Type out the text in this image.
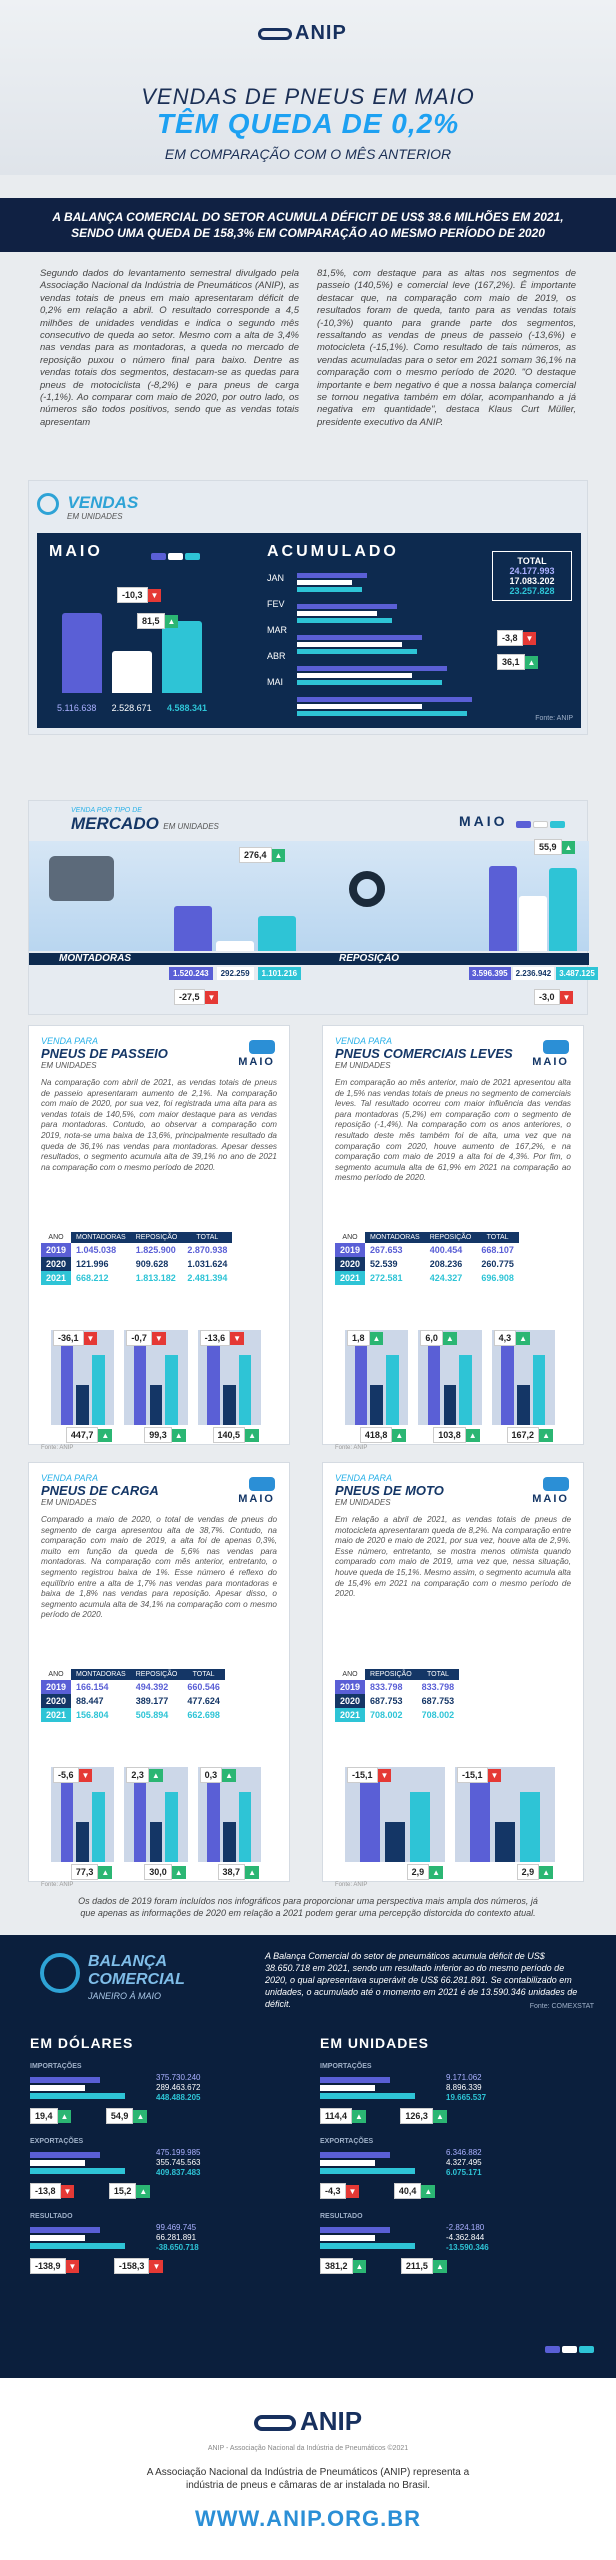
ANIP
VENDAS DE PNEUS EM MAIO
TÊM QUEDA DE 0,2%
EM COMPARAÇÃO COM O MÊS ANTERIOR
A BALANÇA COMERCIAL DO SETOR ACUMULA DÉFICIT DE US$ 38.6 MILHÕES EM 2021, SENDO UMA QUEDA DE 158,3% EM COMPARAÇÃO AO MESMO PERÍODO DE 2020
Segundo dados do levantamento semestral divulgado pela Associação Nacional da Indústria de Pneumáticos (ANIP), as vendas totais de pneus em maio apresentaram déficit de 0,2% em relação a abril. O resultado corresponde a 4,5 milhões de unidades vendidas e indica o segundo mês consecutivo de queda ao setor. Mesmo com a alta de 3,4% nas vendas para as montadoras, a queda no mercado de reposição puxou o número final para baixo. Dentre as vendas totais dos segmentos, destacam-se as quedas para pneus de motociclista (-8,2%) e para pneus de carga (-1,1%). Ao comparar com maio de 2020, por outro lado, os números são todos positivos, sendo que as vendas totais apresentam
81,5%, com destaque para as altas nos segmentos de passeio (140,5%) e comercial leve (167,2%). É importante destacar que, na comparação com maio de 2019, os resultados foram de queda, tanto para as vendas totais (-10,3%) quanto para grande parte dos segmentos, ressaltando as vendas de pneus de passeio (-13,6%) e motocicleta (-15,1%). Como resultado de tais números, as vendas acumuladas para o setor em 2021 somam 36,1% na comparação com o mesmo período de 2020. "O destaque importante e bem negativo é que a nossa balança comercial se tornou negativa também em dólar, acompanhando a já negativa em quantidade", destaca Klaus Curt Müller, presidente executivo da ANIP.
VENDAS
EM UNIDADES
MAIO
-10,3 ▼
81,5 ▲
5.116.638 2.528.671 4.588.341
ACUMULADO
JAN
FEV
MAR
ABR
MAI
TOTAL
24.177.993
17.083.202
23.257.828
-3,8 ▼
36,1 ▲
Fonte: ANIP
VENDA POR TIPO DE
MERCADO EM UNIDADES	MAIO
276,4 ▲
55,9 ▲
MONTADORAS	REPOSIÇÃO
1.520.243	292.259	1.101.216	3.596.395	2.236.942	3.487.125
-27,5 ▼	-3,0 ▼
VENDA PARA
PNEUS DE PASSEIO
EM UNIDADES	MAIO
Na comparação com abril de 2021, as vendas totais de pneus de passeio apresentaram aumento de 2,1%. Na comparação com maio de 2020, por sua vez, foi registrada uma alta para as vendas totais de 140,5%, com maior destaque para as vendas para montadoras. Contudo, ao observar a comparação com 2019, nota-se uma baixa de 13,6%, principalmente resultado da queda de 36,1% nas vendas para montadoras. Apesar desses resultados, o segmento acumula alta de 39,1% no ano de 2021 na comparação com o mesmo período de 2020.
ANO	MONTADORAS	REPOSIÇÃO	TOTAL
2019	1.045.038	1.825.900	2.870.938
2020	121.996	909.628	1.031.624
2021	668.212	1.813.182	2.481.394
-36,1 ▼
447,7 ▲
-0,7 ▼
99,3 ▲
-13,6 ▼
140,5 ▲
Fonte: ANIP
VENDA PARA
PNEUS COMERCIAIS LEVES
EM UNIDADES	MAIO
Em comparação ao mês anterior, maio de 2021 apresentou alta de 1,5% nas vendas totais de pneus no segmento de comerciais leves. Tal resultado ocorreu com maior influência das vendas para montadoras (5,2%) em comparação com o segmento de reposição (-1,4%). Na comparação com os anos anteriores, o resultado deste mês também foi de alta, uma vez que na comparação com 2020, houve aumento de 167,2%, e na comparação com maio de 2019 a alta foi de 4,3%. Por fim, o segmento acumula alta de 61,9% em 2021 na comparação ao mesmo período de 2020.
ANO	MONTADORAS	REPOSIÇÃO	TOTAL
2019	267.653	400.454	668.107
2020	52.539	208.236	260.775
2021	272.581	424.327	696.908
1,8 ▲
418,8 ▲
6,0 ▲
103,8 ▲
4,3 ▲
167,2 ▲
Fonte: ANIP
VENDA PARA
PNEUS DE CARGA
EM UNIDADES	MAIO
Comparado a maio de 2020, o total de vendas de pneus do segmento de carga apresentou alta de 38,7%. Contudo, na comparação com maio de 2019, a alta foi de apenas 0,3%, muito em função da queda de 5,6% nas vendas para montadoras. Na comparação com mês anterior, entretanto, o segmento registrou baixa de 1%. Esse número é reflexo do equilíbrio entre a alta de 1,7% nas vendas para montadoras e baixa de 1,8% nas vendas para reposição. Apesar disso, o segmento acumula alta de 34,1% na comparação com o mesmo período de 2020.
ANO	MONTADORAS	REPOSIÇÃO	TOTAL
2019	166.154	494.392	660.546
2020	88.447	389.177	477.624
2021	156.804	505.894	662.698
-5,6 ▼
77,3 ▲
2,3 ▲
30,0 ▲
0,3 ▲
38,7 ▲
Fonte: ANIP
VENDA PARA
PNEUS DE MOTO
EM UNIDADES	MAIO
Em relação a abril de 2021, as vendas totais de pneus de motocicleta apresentaram queda de 8,2%. Na comparação entre maio de 2020 e maio de 2021, por sua vez, houve alta de 2,9%. Esse número, entretanto, se mostra menos otimista quando comparado com maio de 2019, uma vez que, nessa situação, houve queda de 15,1%. Mesmo assim, o segmento acumula alta de 15,4% em 2021 na comparação com o mesmo período de 2020.
ANO	REPOSIÇÃO	TOTAL
2019	833.798	833.798
2020	687.753	687.753
2021	708.002	708.002
-15,1 ▼
2,9 ▲
-15,1 ▼
2,9 ▲
Fonte: ANIP
Os dados de 2019 foram incluídos nos infográficos para proporcionar uma perspectiva mais ampla dos números, já que apenas as informações de 2020 em relação a 2021 podem gerar uma percepção distorcida do contexto atual.
BALANÇA COMERCIAL
JANEIRO À MAIO
A Balança Comercial do setor de pneumáticos acumula déficit de US$ 38.650.718 em 2021, sendo um resultado inferior ao do mesmo período de 2020, o qual apresentava superávit de US$ 66.281.891. Se contabilizado em unidades, o acumulado até o momento em 2021 é de 13.590.346 unidades de déficit.	Fonte: COMEXSTAT
EM DÓLARES
IMPORTAÇÕES
375.730.240
289.463.672
448.488.205
19,4 ▲	54,9 ▲
EXPORTAÇÕES
475.199.985
355.745.563
409.837.483
-13,8 ▼	15,2 ▲
RESULTADO
99.469.745
66.281.891
-38.650.718
-138,9 ▼	-158,3 ▼
EM UNIDADES
IMPORTAÇÕES
9.171.062
8.896.339
19.665.537
114,4 ▲	126,3 ▲
EXPORTAÇÕES
6.346.882
4.327.495
6.075.171
-4,3 ▼	40,4 ▲
RESULTADO
-2.824.180
-4.362.844
-13.590.346
381,2 ▲	211,5 ▲
ANIP
ANIP - Associação Nacional da Indústria de Pneumáticos ©2021
A Associação Nacional da Indústria de Pneumáticos (ANIP) representa a indústria de pneus e câmaras de ar instalada no Brasil.
WWW.ANIP.ORG.BR
